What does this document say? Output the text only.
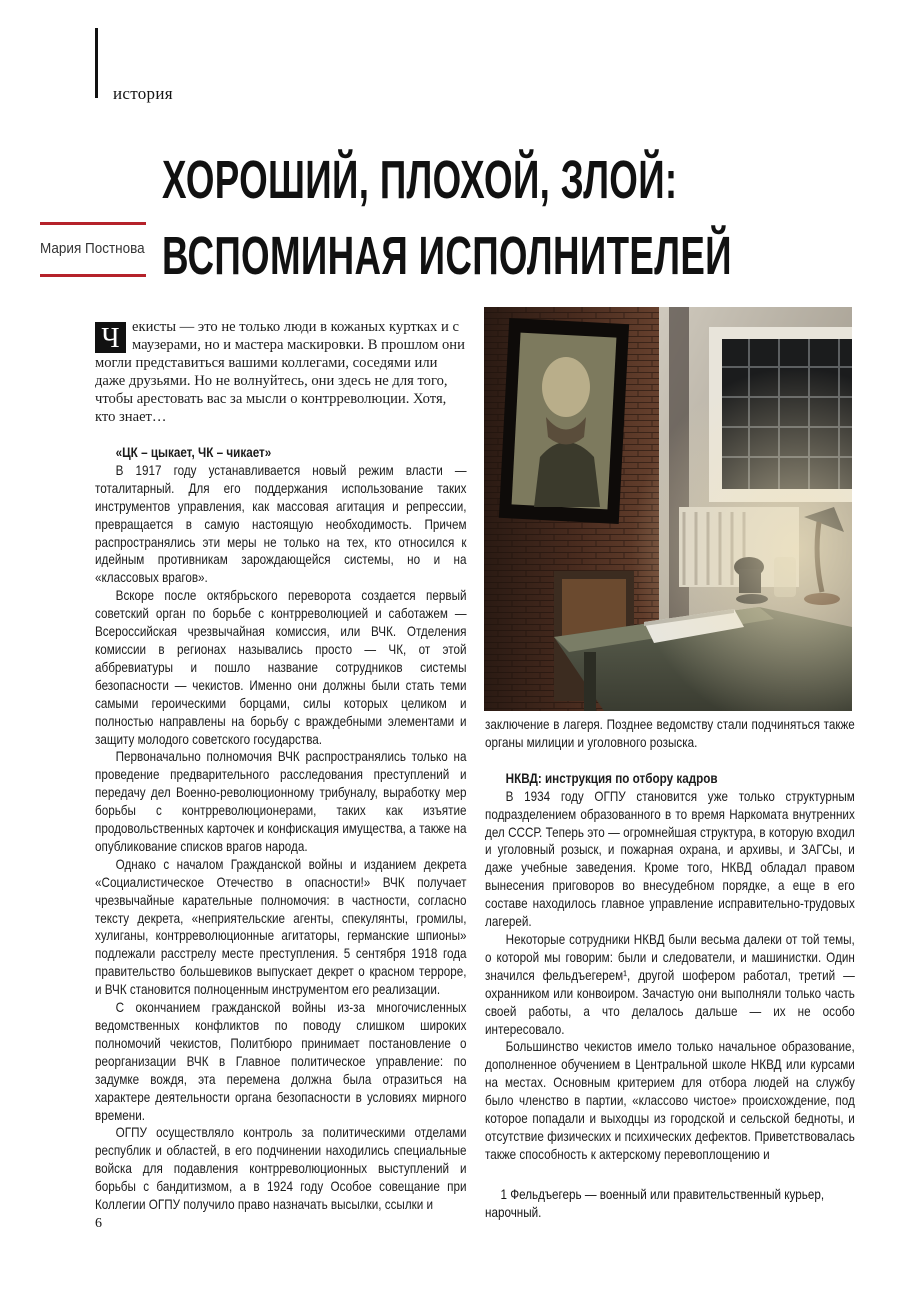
история
Мария Постнова
ХОРОШИЙ, ПЛОХОЙ, ЗЛОЙ:
ВСПОМИНАЯ ИСПОЛНИТЕЛЕЙ
Ч екисты — это не только люди в кожаных куртках и с маузерами, но и мастера маскировки. В прошлом они могли представиться вашими коллегами, соседями или даже друзьями. Но не волнуйтесь, они здесь не для того, чтобы арестовать вас за мысли о контрреволюции. Хотя, кто знает…
«ЦК – цыкает, ЧК – чикает»

В 1917 году устанавливается новый режим власти — тоталитарный. Для его поддержания использование таких инструментов управления, как массовая агитация и репрессии, превращается в самую настоящую необходимость. Причем распространялись эти меры не только на тех, кто относился к идейным противникам зарождающейся системы, но и на «классовых врагов».

Вскоре после октябрьского переворота создается первый советский орган по борьбе с контрреволюцией и саботажем — Всероссийская чрезвычайная комиссия, или ВЧК. Отделения комиссии в регионах назывались просто — ЧК, от этой аббревиатуры и пошло название сотрудников системы безопасности — чекистов. Именно они должны были стать теми самыми героическими борцами, силы которых целиком и полностью направлены на борьбу с враждебными элементами и защиту молодого советского государства.

Первоначально полномочия ВЧК распространялись только на проведение предварительного расследования преступлений и передачу дел Военно-революционному трибуналу, выработку мер борьбы с контрреволюционерами, таких как изъятие продовольственных карточек и конфискация имущества, а также на опубликование списков врагов народа.

Однако с началом Гражданской войны и изданием декрета «Социалистическое Отечество в опасности!» ВЧК получает чрезвычайные карательные полномочия: в частности, согласно тексту декрета, «неприятельские агенты, спекулянты, громилы, хулиганы, контрреволюционные агитаторы, германские шпионы» подлежали расстрелу месте преступления. 5 сентября 1918 года правительство большевиков выпускает декрет о красном терроре, и ВЧК становится полноценным инструментом его реализации.

С окончанием гражданской войны из-за многочисленных ведомственных конфликтов по поводу слишком широких полномочий чекистов, Политбюро принимает постановление о реорганизации ВЧК в Главное политическое управление: по задумке вождя, эта перемена должна была отразиться на характере деятельности органа безопасности в условиях мирного времени.

ОГПУ осуществляло контроль за политическими отделами республик и областей, в его подчинении находились специальные войска для подавления контрреволюционных выступлений и борьбы с бандитизмом, а в 1924 году Особое совещание при Коллегии ОГПУ получило право назначать высылки, ссылки и

заключение в лагеря. Позднее ведомству стали подчиняться также органы милиции и уголовного розыска.

НКВД: инструкция по отбору кадров

В 1934 году ОГПУ становится уже только структурным подразделением образованного в то время Наркомата внутренних дел СССР. Теперь это — огромнейшая структура, в которую входил и уголовный розыск, и пожарная охрана, и архивы, и ЗАГСы, и даже учебные заведения. Кроме того, НКВД обладал правом вынесения приговоров во внесудебном порядке, а еще в его составе находилось главное управление исправительно-трудовых лагерей.

Некоторые сотрудники НКВД были весьма далеки от той темы, о которой мы говорим: были и следователи, и машинистки. Один значился фельдъегерем¹, другой шофером работал, третий — охранником или конвоиром. Зачастую они выполняли только часть своей работы, а что делалось дальше — их не особо интересовало.

Большинство чекистов имело только начальное образование, дополненное обучением в Центральной школе НКВД или курсами на местах. Основным критерием для отбора людей на службу было членство в партии, «классово чистое» происхождение, под которое попадали и выходцы из городской и сельской бедноты, и отсутствие физических и психических дефектов. Приветствовалась также способность к актерскому перевоплощению и

1 Фельдъегерь — военный или правительственный курьер, нарочный.
6
